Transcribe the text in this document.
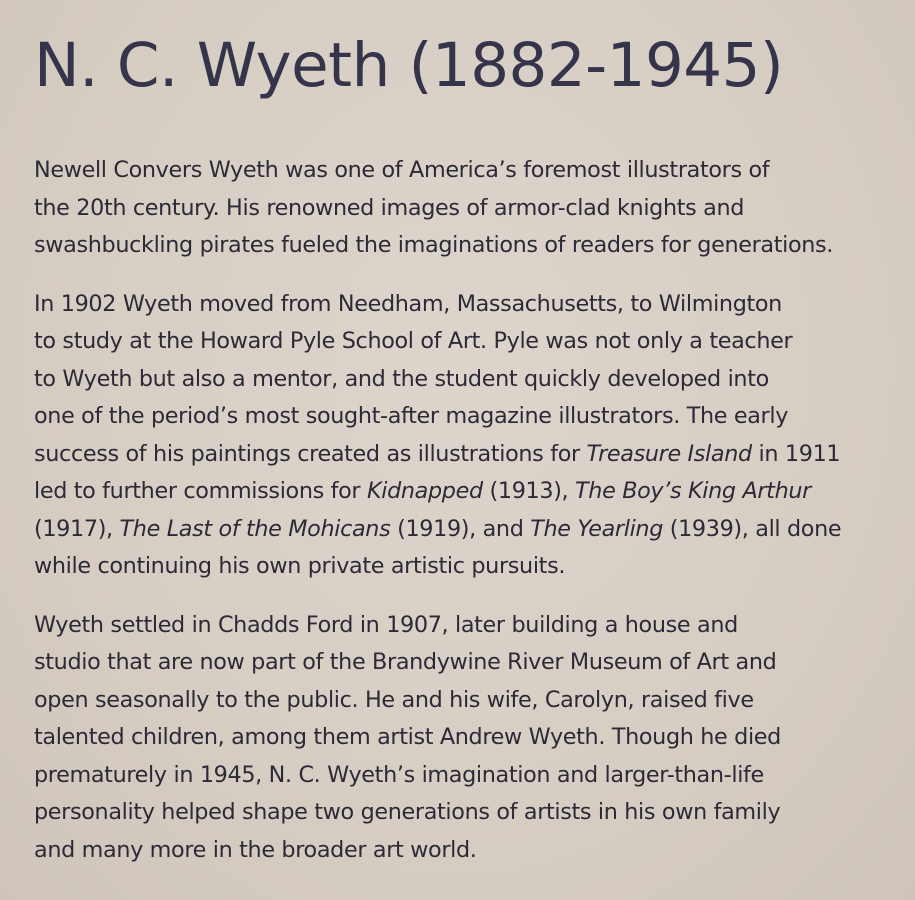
N. C. Wyeth (1882-1945)

Newell Convers Wyeth was one of America’s foremost illustrators of
the 20th century. His renowned images of armor-clad knights and
swashbuckling pirates fueled the imaginations of readers for generations.

In 1902 Wyeth moved from Needham, Massachusetts, to Wilmington
to study at the Howard Pyle School of Art. Pyle was not only a teacher
to Wyeth but also a mentor, and the student quickly developed into
one of the period’s most sought-after magazine illustrators. The early
success of his paintings created as illustrations for Treasure Island in 1911
led to further commissions for Kidnapped (1913), The Boy’s King Arthur
(1917), The Last of the Mohicans (1919), and The Yearling (1939), all done
while continuing his own private artistic pursuits.

Wyeth settled in Chadds Ford in 1907, later building a house and
studio that are now part of the Brandywine River Museum of Art and
open seasonally to the public. He and his wife, Carolyn, raised five
talented children, among them artist Andrew Wyeth. Though he died
prematurely in 1945, N. C. Wyeth’s imagination and larger-than-life
personality helped shape two generations of artists in his own family
and many more in the broader art world.
